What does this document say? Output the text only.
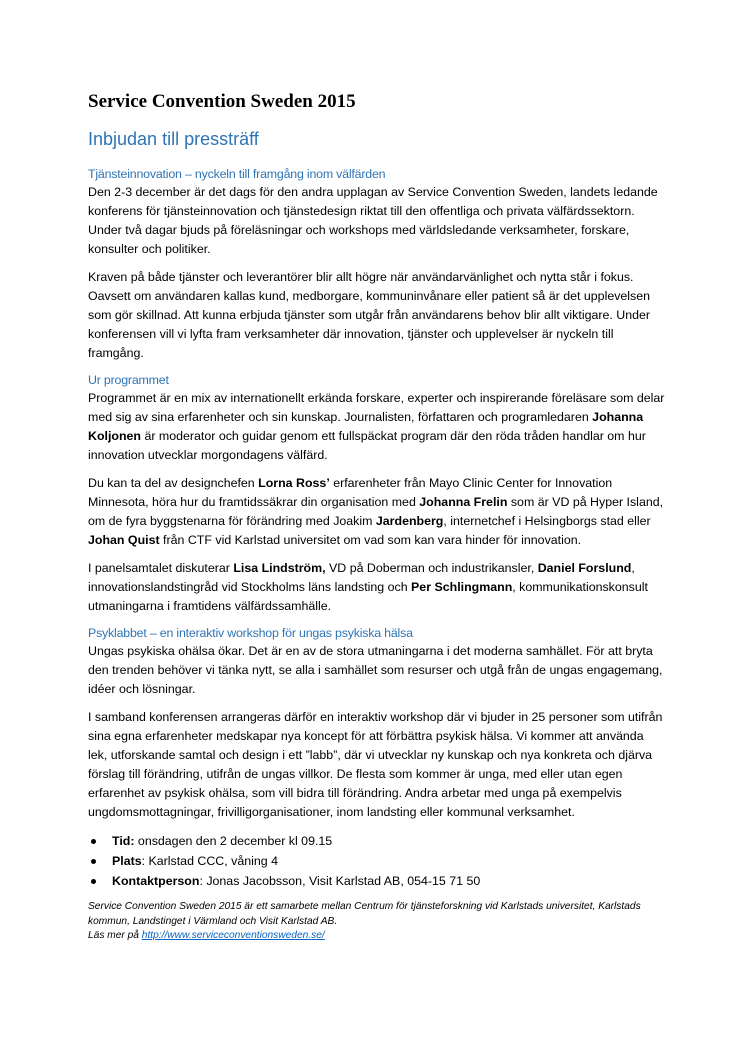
Service Convention Sweden 2015
Inbjudan till pressträff
Tjänsteinnovation – nyckeln till framgång inom välfärden

Den 2-3 december är det dags för den andra upplagan av Service Convention Sweden, landets ledande konferens för tjänsteinnovation och tjänstedesign riktat till den offentliga och privata välfärdssektorn. Under två dagar bjuds på föreläsningar och workshops med världsledande verksamheter, forskare, konsulter och politiker.

Kraven på både tjänster och leverantörer blir allt högre när användarvänlighet och nytta står i fokus. Oavsett om användaren kallas kund, medborgare, kommuninvånare eller patient så är det upplevelsen som gör skillnad. Att kunna erbjuda tjänster som utgår från användarens behov blir allt viktigare. Under konferensen vill vi lyfta fram verksamheter där innovation, tjänster och upplevelser är nyckeln till framgång.

Ur programmet

Programmet är en mix av internationellt erkända forskare, experter och inspirerande föreläsare som delar med sig av sina erfarenheter och sin kunskap. Journalisten, författaren och programledaren Johanna Koljonen är moderator och guidar genom ett fullspäckat program där den röda tråden handlar om hur innovation utvecklar morgondagens välfärd.

Du kan ta del av designchefen Lorna Ross’ erfarenheter från Mayo Clinic Center for Innovation Minnesota, höra hur du framtidssäkrar din organisation med Johanna Frelin som är VD på Hyper Island, om de fyra byggstenarna för förändring med Joakim Jardenberg, internetchef i Helsingborgs stad eller Johan Quist från CTF vid Karlstad universitet om vad som kan vara hinder för innovation.

I panelsamtalet diskuterar Lisa Lindström, VD på Doberman och industrikansler, Daniel Forslund, innovationslandstingråd vid Stockholms läns landsting och Per Schlingmann, kommunikationskonsult utmaningarna i framtidens välfärdssamhälle.

Psyklabbet – en interaktiv workshop för ungas psykiska hälsa

Ungas psykiska ohälsa ökar. Det är en av de stora utmaningarna i det moderna samhället. För att bryta den trenden behöver vi tänka nytt, se alla i samhället som resurser och utgå från de ungas engagemang, idéer och lösningar.

I samband konferensen arrangeras därför en interaktiv workshop där vi bjuder in 25 personer som utifrån sina egna erfarenheter medskapar nya koncept för att förbättra psykisk hälsa. Vi kommer att använda lek, utforskande samtal och design i ett ”labb”, där vi utvecklar ny kunskap och nya konkreta och djärva förslag till förändring, utifrån de ungas villkor. De flesta som kommer är unga, med eller utan egen erfarenhet av psykisk ohälsa, som vill bidra till förändring. Andra arbetar med unga på exempelvis ungdomsmottagningar, frivilligorganisationer, inom landsting eller kommunal verksamhet.

Tid: onsdagen den 2 december kl 09.15
Plats: Karlstad CCC, våning 4
Kontaktperson: Jonas Jacobsson, Visit Karlstad AB, 054-15 71 50

Service Convention Sweden 2015 är ett samarbete mellan Centrum för tjänsteforskning vid Karlstads universitet, Karlstads kommun, Landstinget i Värmland och Visit Karlstad AB.
Läs mer på http://www.serviceconventionsweden.se/
